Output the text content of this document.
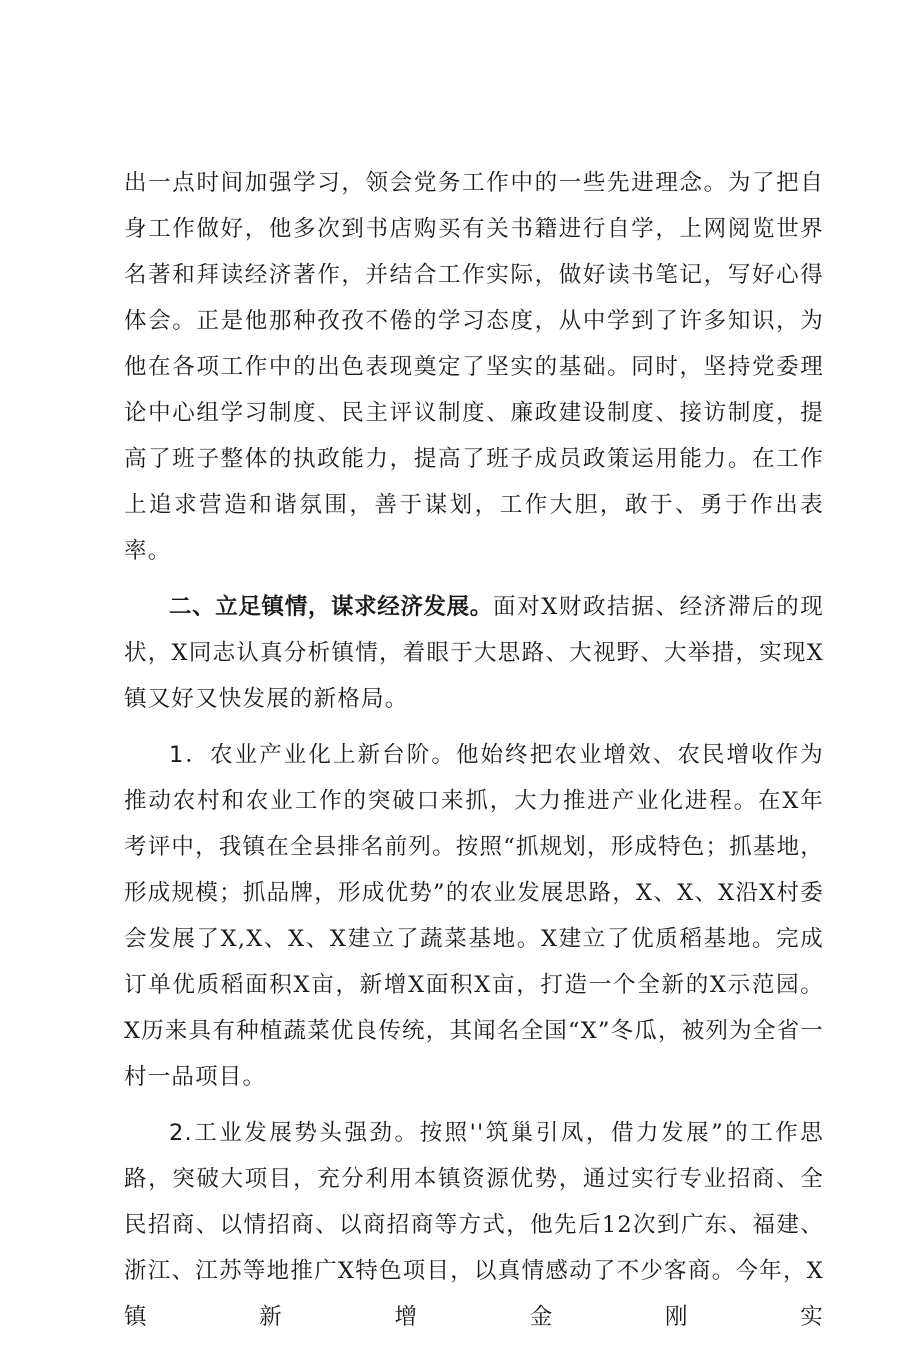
出一点时间加强学习，领会党务工作中的一些先进理念。为了把自身工作做好，他多次到书店购买有关书籍进行自学，上网阅览世界名著和拜读经济著作，并结合工作实际，做好读书笔记，写好心得体会。正是他那种孜孜不倦的学习态度，从中学到了许多知识，为他在各项工作中的出色表现奠定了坚实的基础。同时，坚持党委理论中心组学习制度、民主评议制度、廉政建设制度、接访制度，提高了班子整体的执政能力，提高了班子成员政策运用能力。在工作上追求营造和谐氛围，善于谋划，工作大胆，敢于、勇于作出表率。

二、立足镇情，谋求经济发展。面对X财政拮据、经济滞后的现状，X同志认真分析镇情，着眼于大思路、大视野、大举措，实现X镇又好又快发展的新格局。

1．农业产业化上新台阶。他始终把农业增效、农民增收作为推动农村和农业工作的突破口来抓，大力推进产业化进程。在X年考评中，我镇在全县排名前列。按照“抓规划，形成特色；抓基地，形成规模；抓品牌，形成优势”的农业发展思路，X、X、X沿X村委会发展了X,X、X、X建立了蔬菜基地。X建立了优质稻基地。完成订单优质稻面积X亩，新增X面积X亩，打造一个全新的X示范园。X历来具有种植蔬菜优良传统，其闻名全国“X”冬瓜，被列为全省一村一品项目。

2.工业发展势头强劲。按照''筑巢引凤，借力发展”的工作思路，突破大项目，充分利用本镇资源优势，通过实行专业招商、全民招商、以情招商、以商招商等方式，他先后12次到广东、福建、浙江、江苏等地推广X特色项目，以真情感动了不少客商。今年，X镇新增金刚实
